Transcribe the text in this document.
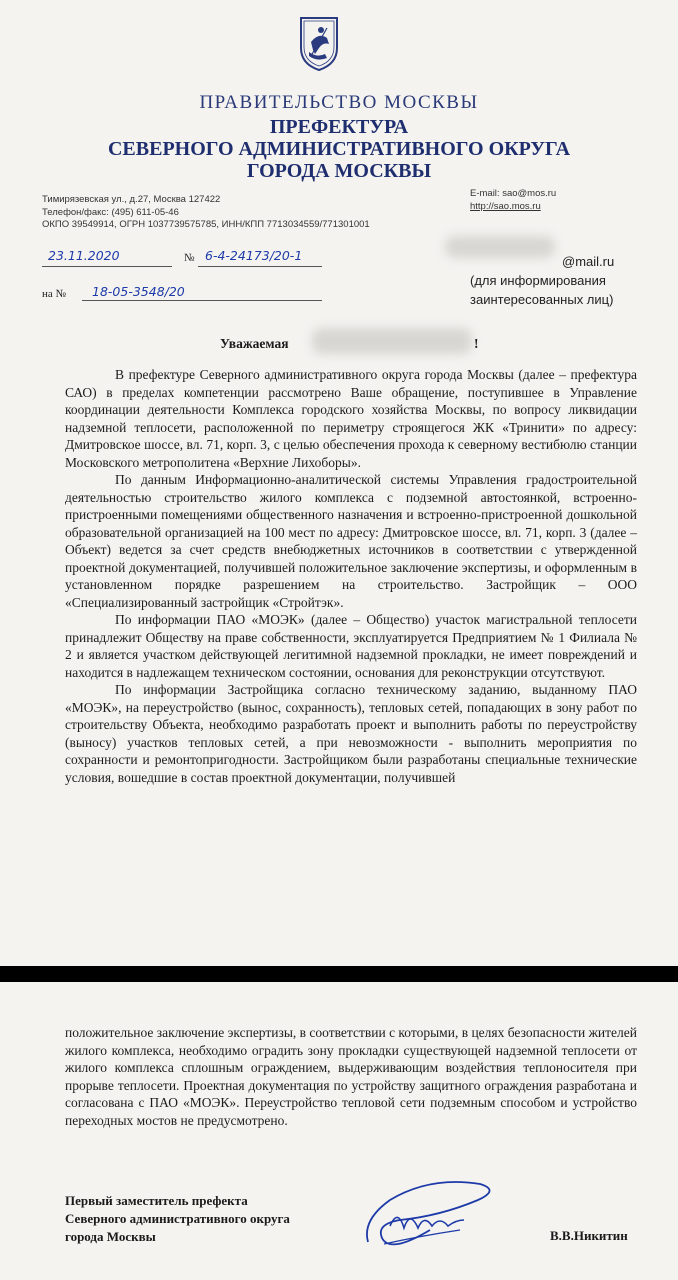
ПРАВИТЕЛЬСТВО МОСКВЫ
ПРЕФЕКТУРА
СЕВЕРНОГО АДМИНИСТРАТИВНОГО ОКРУГА
ГОРОДА МОСКВЫ
Тимирязевская ул., д.27, Москва 127422
Телефон/факс: (495) 611-05-46
ОКПО 39549914, ОГРН 1037739575785, ИНН/КПП 7713034559/771301001
E-mail: sao@mos.ru
http://sao.mos.ru
23.11.2020	№ 6-4-24173/20-1
на № 18-05-3548/20
@mail.ru
(для информирования
заинтересованных лиц)
Уважаемая	!

В префектуре Северного административного округа города Москвы (далее – префектура САО) в пределах компетенции рассмотрено Ваше обращение, поступившее в Управление координации деятельности Комплекса городского хозяйства Москвы, по вопросу ликвидации надземной теплосети, расположенной по периметру строящегося ЖК «Тринити» по адресу: Дмитровское шоссе, вл. 71, корп. 3, с целью обеспечения прохода к северному вестибюлю станции Московского метрополитена «Верхние Лихоборы».

По данным Информационно-аналитической системы Управления градостроительной деятельностью строительство жилого комплекса с подземной автостоянкой, встроенно-пристроенными помещениями общественного назначения и встроенно-пристроенной дошкольной образовательной организацией на 100 мест по адресу: Дмитровское шоссе, вл. 71, корп. 3 (далее – Объект) ведется за счет средств внебюджетных источников в соответствии с утвержденной проектной документацией, получившей положительное заключение экспертизы, и оформленным в установленном порядке разрешением на строительство. Застройщик – ООО «Специализированный застройщик «Стройтэк».

По информации ПАО «МОЭК» (далее – Общество) участок магистральной теплосети принадлежит Обществу на праве собственности, эксплуатируется Предприятием № 1 Филиала № 2 и является участком действующей легитимной надземной прокладки, не имеет повреждений и находится в надлежащем техническом состоянии, основания для реконструкции отсутствуют.

По информации Застройщика согласно техническому заданию, выданному ПАО «МОЭК», на переустройство (вынос, сохранность), тепловых сетей, попадающих в зону работ по строительству Объекта, необходимо разработать проект и выполнить работы по переустройству (выносу) участков тепловых сетей, а при невозможности - выполнить мероприятия по сохранности и ремонтопригодности. Застройщиком были разработаны специальные технические условия, вошедшие в состав проектной документации, получившей

положительное заключение экспертизы, в соответствии с которыми, в целях безопасности жителей жилого комплекса, необходимо оградить зону прокладки существующей надземной теплосети от жилого комплекса сплошным ограждением, выдерживающим воздействия теплоносителя при прорыве теплосети. Проектная документация по устройству защитного ограждения разработана и согласована с ПАО «МОЭК». Переустройство тепловой сети подземным способом и устройство переходных мостов не предусмотрено.

Первый заместитель префекта
Северного административного округа
города Москвы	В.В.Никитин
